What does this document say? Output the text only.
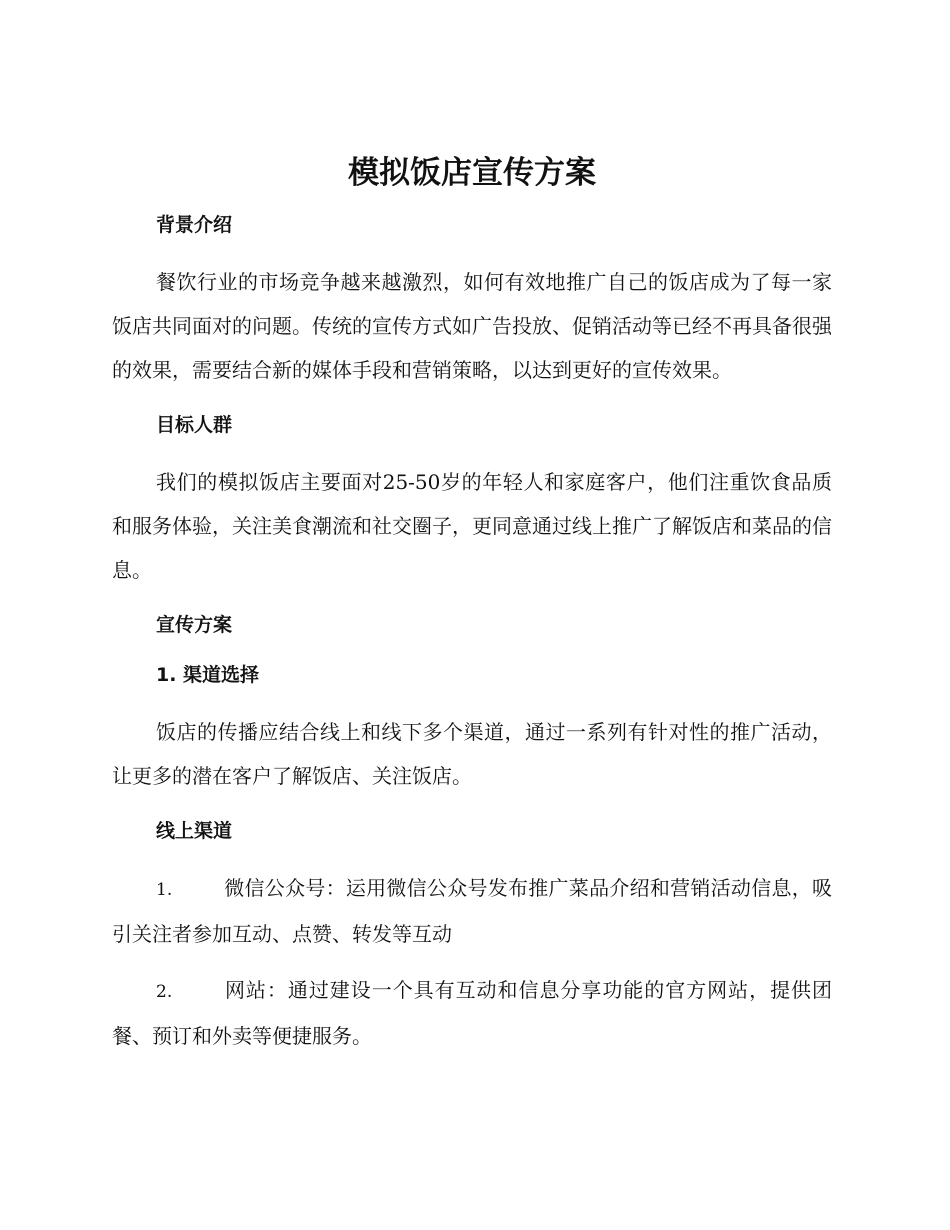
模拟饭店宣传方案
背景介绍

餐饮行业的市场竞争越来越激烈，如何有效地推广自己的饭店成为了每一家饭店共同面对的问题。传统的宣传方式如广告投放、促销活动等已经不再具备很强的效果，需要结合新的媒体手段和营销策略，以达到更好的宣传效果。

目标人群

我们的模拟饭店主要面对25-50岁的年轻人和家庭客户，他们注重饮食品质和服务体验，关注美食潮流和社交圈子，更同意通过线上推广了解饭店和菜品的信息。

宣传方案
1. 渠道选择

饭店的传播应结合线上和线下多个渠道，通过一系列有针对性的推广活动，让更多的潜在客户了解饭店、关注饭店。

线上渠道

1.	微信公众号：运用微信公众号发布推广菜品介绍和营销活动信息，吸引关注者参加互动、点赞、转发等互动

2.	网站：通过建设一个具有互动和信息分享功能的官方网站，提供团餐、预订和外卖等便捷服务。
